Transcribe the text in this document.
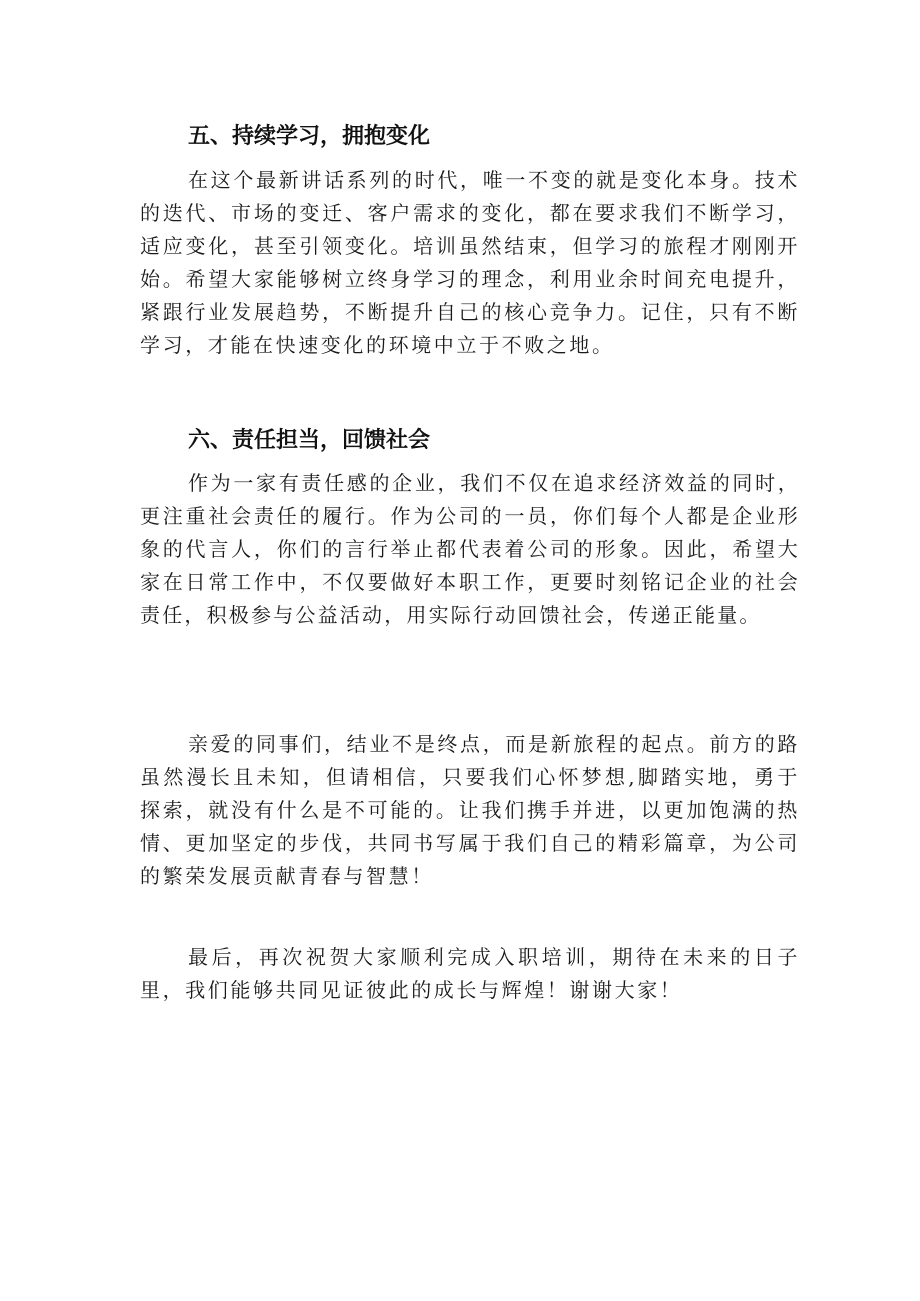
五、持续学习，拥抱变化

在这个最新讲话系列的时代，唯一不变的就是变化本身。技术的迭代、市场的变迁、客户需求的变化，都在要求我们不断学习，适应变化，甚至引领变化。培训虽然结束，但学习的旅程才刚刚开始。希望大家能够树立终身学习的理念，利用业余时间充电提升，紧跟行业发展趋势，不断提升自己的核心竞争力。记住，只有不断学习，才能在快速变化的环境中立于不败之地。

六、责任担当，回馈社会

作为一家有责任感的企业，我们不仅在追求经济效益的同时，更注重社会责任的履行。作为公司的一员，你们每个人都是企业形象的代言人，你们的言行举止都代表着公司的形象。因此，希望大家在日常工作中，不仅要做好本职工作，更要时刻铭记企业的社会责任，积极参与公益活动，用实际行动回馈社会，传递正能量。

亲爱的同事们，结业不是终点，而是新旅程的起点。前方的路虽然漫长且未知，但请相信，只要我们心怀梦想,脚踏实地，勇于探索，就没有什么是不可能的。让我们携手并进，以更加饱满的热情、更加坚定的步伐，共同书写属于我们自己的精彩篇章，为公司的繁荣发展贡献青春与智慧！

最后，再次祝贺大家顺利完成入职培训，期待在未来的日子里，我们能够共同见证彼此的成长与辉煌！谢谢大家！
